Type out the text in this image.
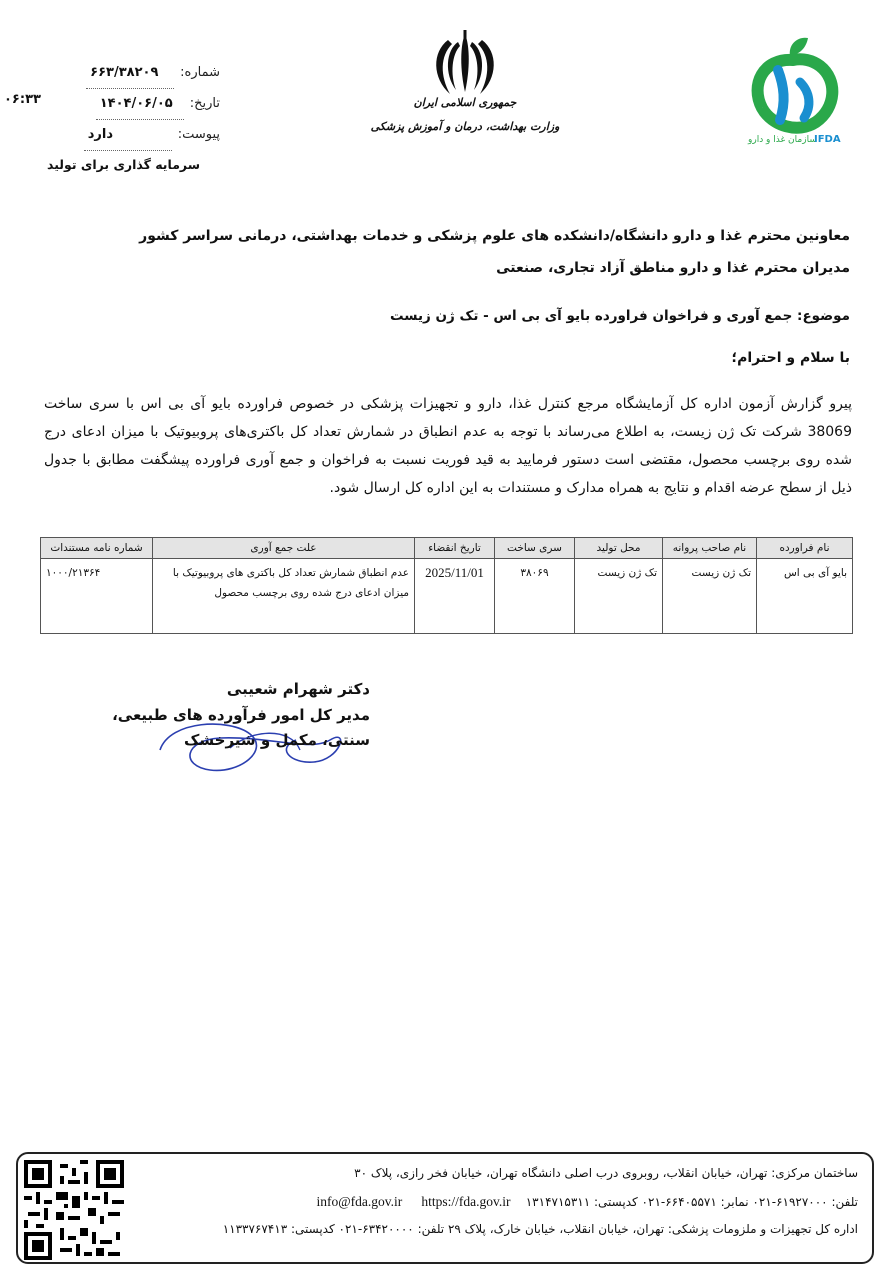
شماره:
۶۶۳/۳۸۲۰۹
تاریخ:
۱۴۰۴/۰۶/۰۵
پیوست:
دارد
۰۶:۳۳
سرمایه گذاری برای تولید
جمهوری اسلامی ایران
وزارت بهداشت، درمان و آموزش پزشکی
سازمان غذا و دارو
IFDA
معاونین محترم غذا و دارو دانشگاه/دانشکده های علوم پزشکی و خدمات بهداشتی، درمانی سراسر کشور
مدیران محترم غذا و دارو مناطق آزاد تجاری، صنعتی
موضوع: جمع آوری و فراخوان فراورده بایو آی بی اس - تک ژن زیست
با سلام و احترام؛
پیرو گزارش آزمون اداره کل آزمایشگاه مرجع کنترل غذا، دارو و تجهیزات پزشکی در خصوص فراورده بایو آی بی اس با سری ساخت 38069 شرکت تک ژن زیست، به اطلاع می‌رساند با توجه به عدم انطباق در شمارش تعداد کل باکتری‌های پروبیوتیک با میزان ادعای درج شده روی برچسب محصول، مقتضی است دستور فرمایید به قید فوریت نسبت به فراخوان و جمع آوری فراورده پیشگفت مطابق با جدول ذیل از سطح عرضه اقدام و نتایج به همراه مدارک و مستندات به این اداره کل ارسال شود.
نام فراورده	نام صاحب پروانه	محل تولید	سری ساخت	تاریخ انقضاء	علت جمع آوری	شماره نامه مستندات
بایو آی بی اس	تک ژن زیست	تک ژن زیست	۳۸۰۶۹	2025/11/01	عدم انطباق شمارش تعداد کل باکتری های پروبیوتیک با میزان ادعای درج شده روی برچسب محصول	۱۰۰۰/۲۱۳۶۴
دکتر شهرام شعیبی
مدیر کل امور فرآورده های طبیعی،
سنتی، مکمل و شیرخشک
ساختمان مرکزی: تهران، خیابان انقلاب، روبروی درب اصلی دانشگاه تهران، خیابان فخر رازی، پلاک ۳۰
تلفن: ۶۱۹۲۷۰۰۰-۰۲۱ نمابر: ۶۶۴۰۵۵۷۱-۰۲۱ کدپستی: ۱۳۱۴۷۱۵۳۱۱    info@fda.gov.ir https://fda.gov.ir
اداره کل تجهیزات و ملزومات پزشکی: تهران، خیابان انقلاب، خیابان خارک، پلاک ۲۹ تلفن: ۶۳۴۲۰۰۰۰-۰۲۱ کدپستی: ۱۱۳۳۷۶۷۴۱۳
